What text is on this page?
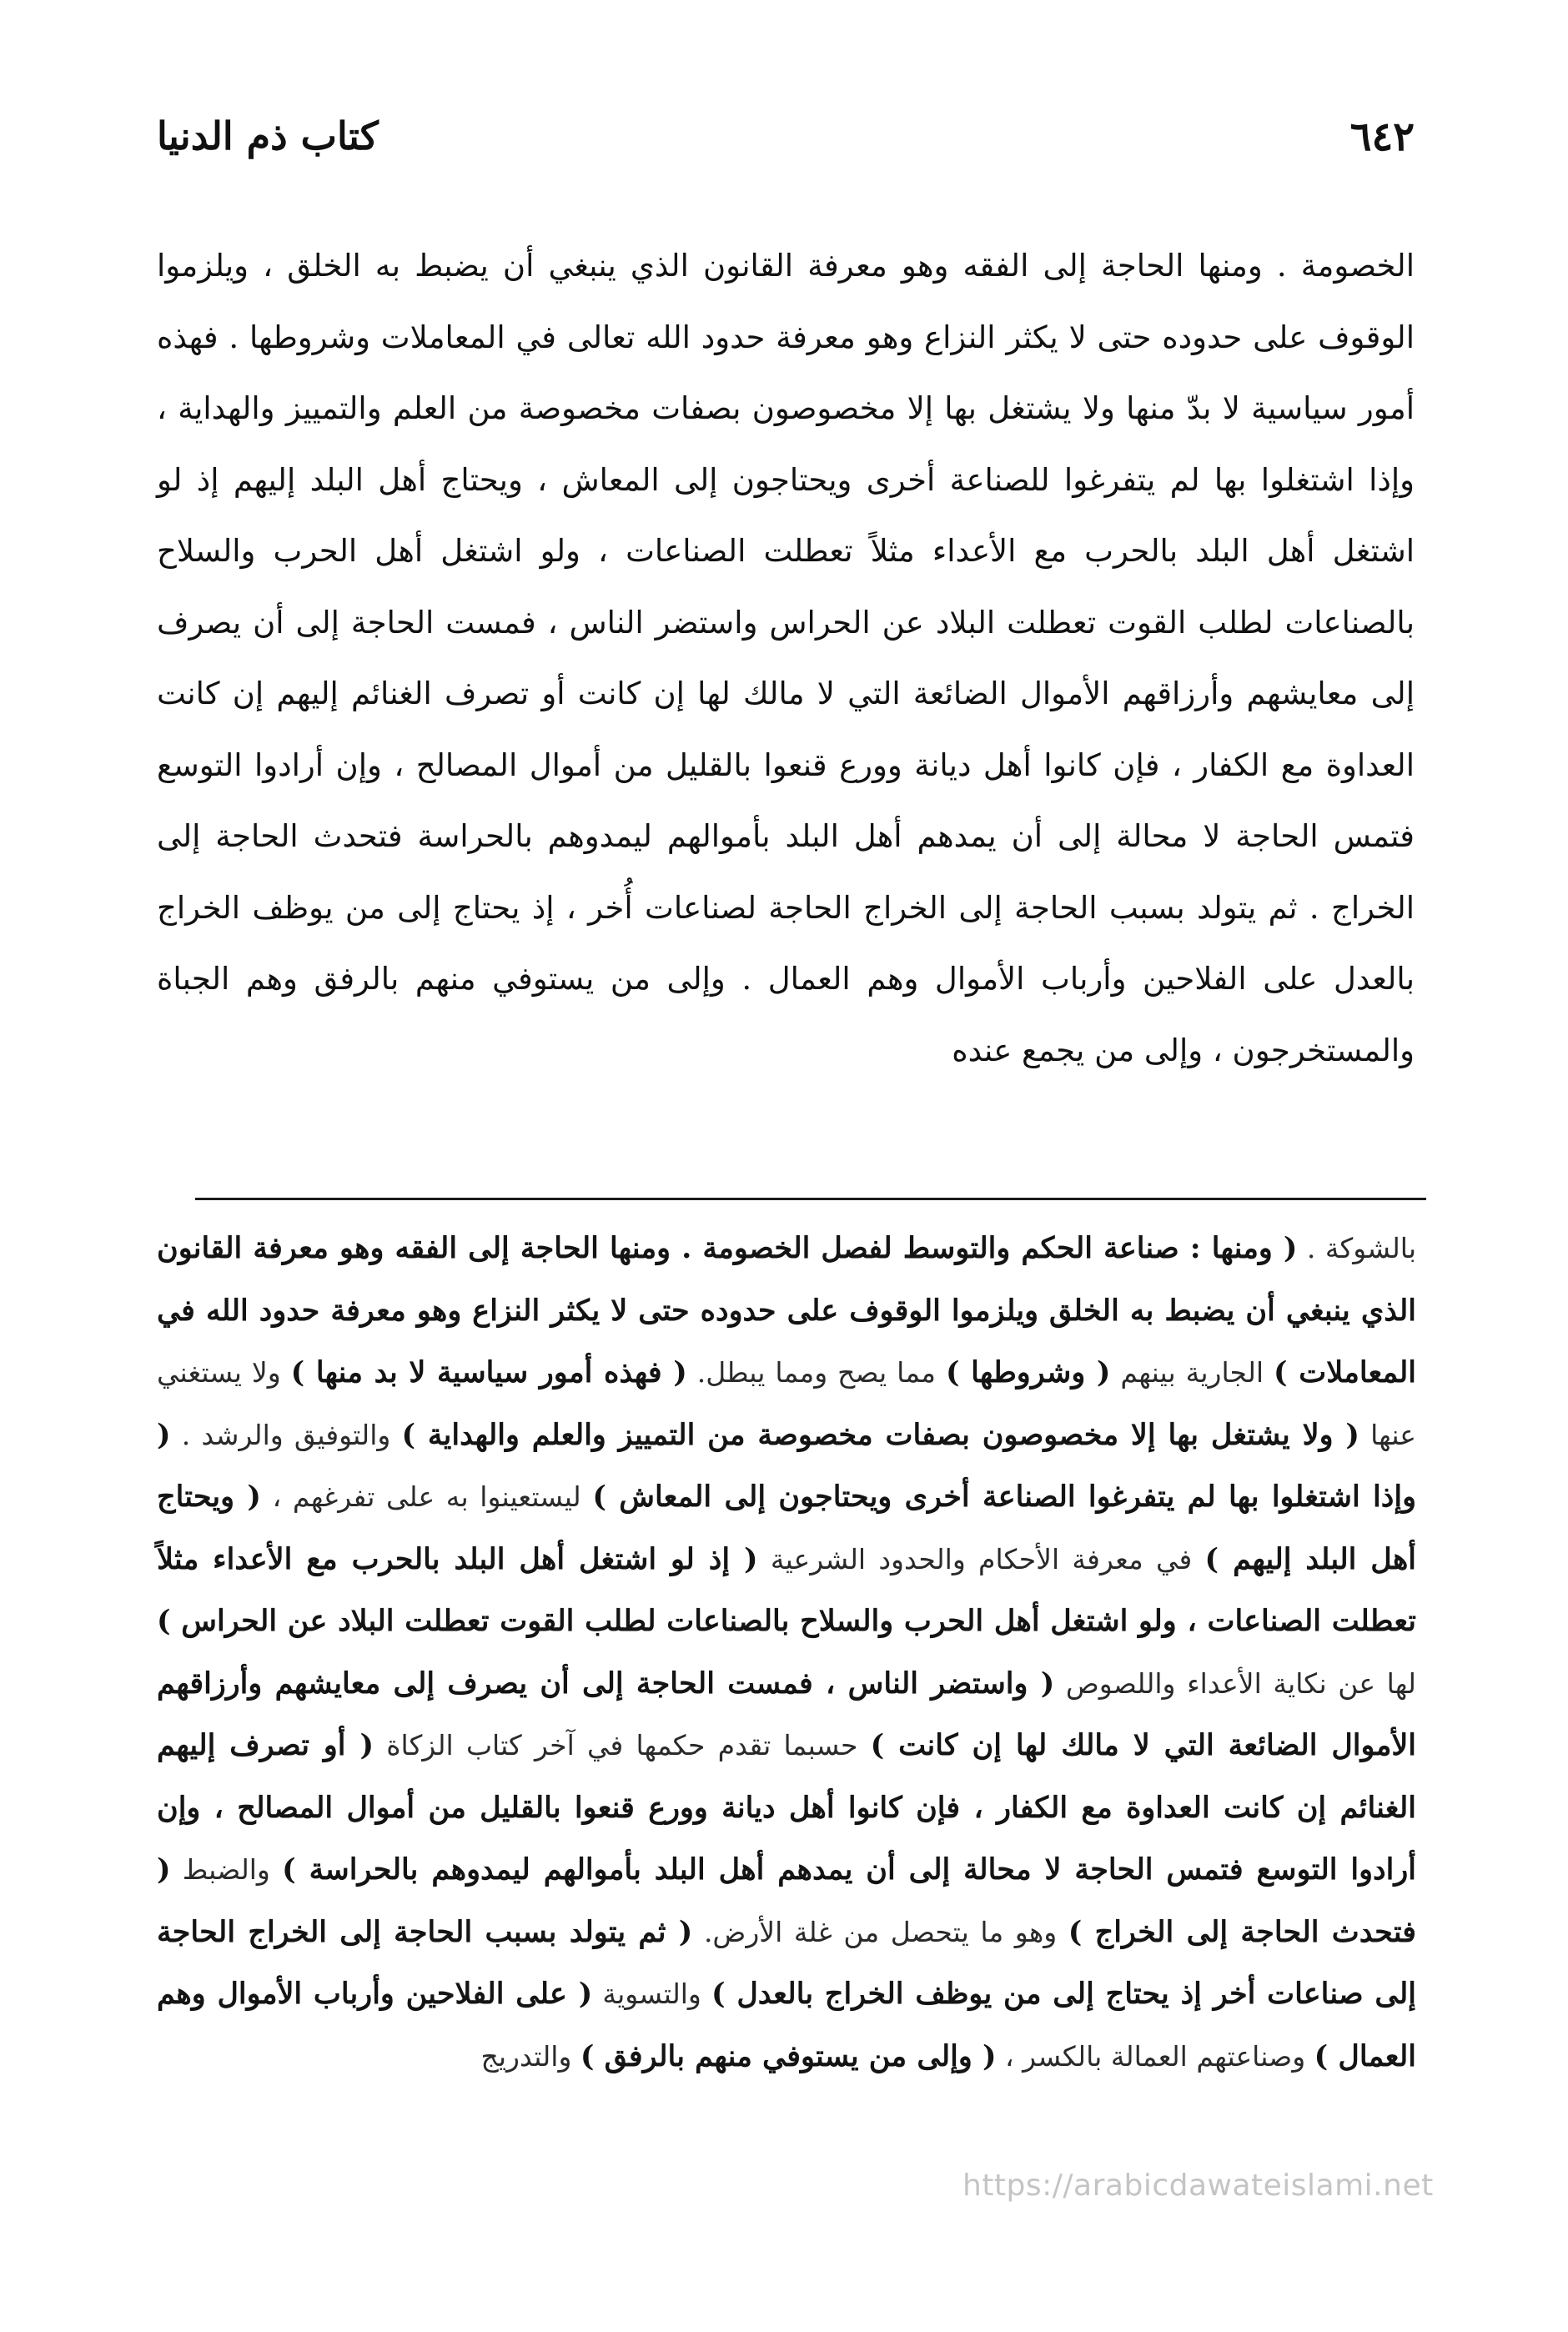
٦٤٢
كتاب ذم الدنيا

الخصومة . ومنها الحاجة إلى الفقه وهو معرفة القانون الذي ينبغي أن يضبط به الخلق ، ويلزموا الوقوف على حدوده حتى لا يكثر النزاع وهو معرفة حدود الله تعالى في المعاملات وشروطها . فهذه أمور سياسية لا بدّ منها ولا يشتغل بها إلا مخصوصون بصفات مخصوصة من العلم والتمييز والهداية ، وإذا اشتغلوا بها لم يتفرغوا للصناعة أخرى ويحتاجون إلى المعاش ، ويحتاج أهل البلد إليهم إذ لو اشتغل أهل البلد بالحرب مع الأعداء مثلاً تعطلت الصناعات ، ولو اشتغل أهل الحرب والسلاح بالصناعات لطلب القوت تعطلت البلاد عن الحراس واستضر الناس ، فمست الحاجة إلى أن يصرف إلى معايشهم وأرزاقهم الأموال الضائعة التي لا مالك لها إن كانت أو تصرف الغنائم إليهم إن كانت العداوة مع الكفار ، فإن كانوا أهل ديانة وورع قنعوا بالقليل من أموال المصالح ، وإن أرادوا التوسع فتمس الحاجة لا محالة إلى أن يمدهم أهل البلد بأموالهم ليمدوهم بالحراسة فتحدث الحاجة إلى الخراج . ثم يتولد بسبب الحاجة إلى الخراج الحاجة لصناعات أُخر ، إذ يحتاج إلى من يوظف الخراج بالعدل على الفلاحين وأرباب الأموال وهم العمال . وإلى من يستوفي منهم بالرفق وهم الجباة والمستخرجون ، وإلى من يجمع عنده

بالشوكة . ( ومنها : صناعة الحكم والتوسط لفصل الخصومة . ومنها الحاجة إلى الفقه وهو معرفة القانون الذي ينبغي أن يضبط به الخلق ويلزموا الوقوف على حدوده حتى لا يكثر النزاع وهو معرفة حدود الله في المعاملات ) الجارية بينهم ( وشروطها ) مما يصح ومما يبطل. ( فهذه أمور سياسية لا بد منها ) ولا يستغني عنها ( ولا يشتغل بها إلا مخصوصون بصفات مخصوصة من التمييز والعلم والهداية ) والتوفيق والرشد . ( وإذا اشتغلوا بها لم يتفرغوا الصناعة أخرى ويحتاجون إلى المعاش ) ليستعينوا به على تفرغهم ، ( ويحتاج أهل البلد إليهم ) في معرفة الأحكام والحدود الشرعية ( إذ لو اشتغل أهل البلد بالحرب مع الأعداء مثلاً تعطلت الصناعات ، ولو اشتغل أهل الحرب والسلاح بالصناعات لطلب القوت تعطلت البلاد عن الحراس ) لها عن نكاية الأعداء واللصوص ( واستضر الناس ، فمست الحاجة إلى أن يصرف إلى معايشهم وأرزاقهم الأموال الضائعة التي لا مالك لها إن كانت ) حسبما تقدم حكمها في آخر كتاب الزكاة ( أو تصرف إليهم الغنائم إن كانت العداوة مع الكفار ، فإن كانوا أهل ديانة وورع قنعوا بالقليل من أموال المصالح ، وإن أرادوا التوسع فتمس الحاجة لا محالة إلى أن يمدهم أهل البلد بأموالهم ليمدوهم بالحراسة ) والضبط ( فتحدث الحاجة إلى الخراج ) وهو ما يتحصل من غلة الأرض. ( ثم يتولد بسبب الحاجة إلى الخراج الحاجة إلى صناعات أخر إذ يحتاج إلى من يوظف الخراج بالعدل ) والتسوية ( على الفلاحين وأرباب الأموال وهم العمال ) وصناعتهم العمالة بالكسر ، ( وإلى من يستوفي منهم بالرفق ) والتدريج

https://arabicdawateislami.net
